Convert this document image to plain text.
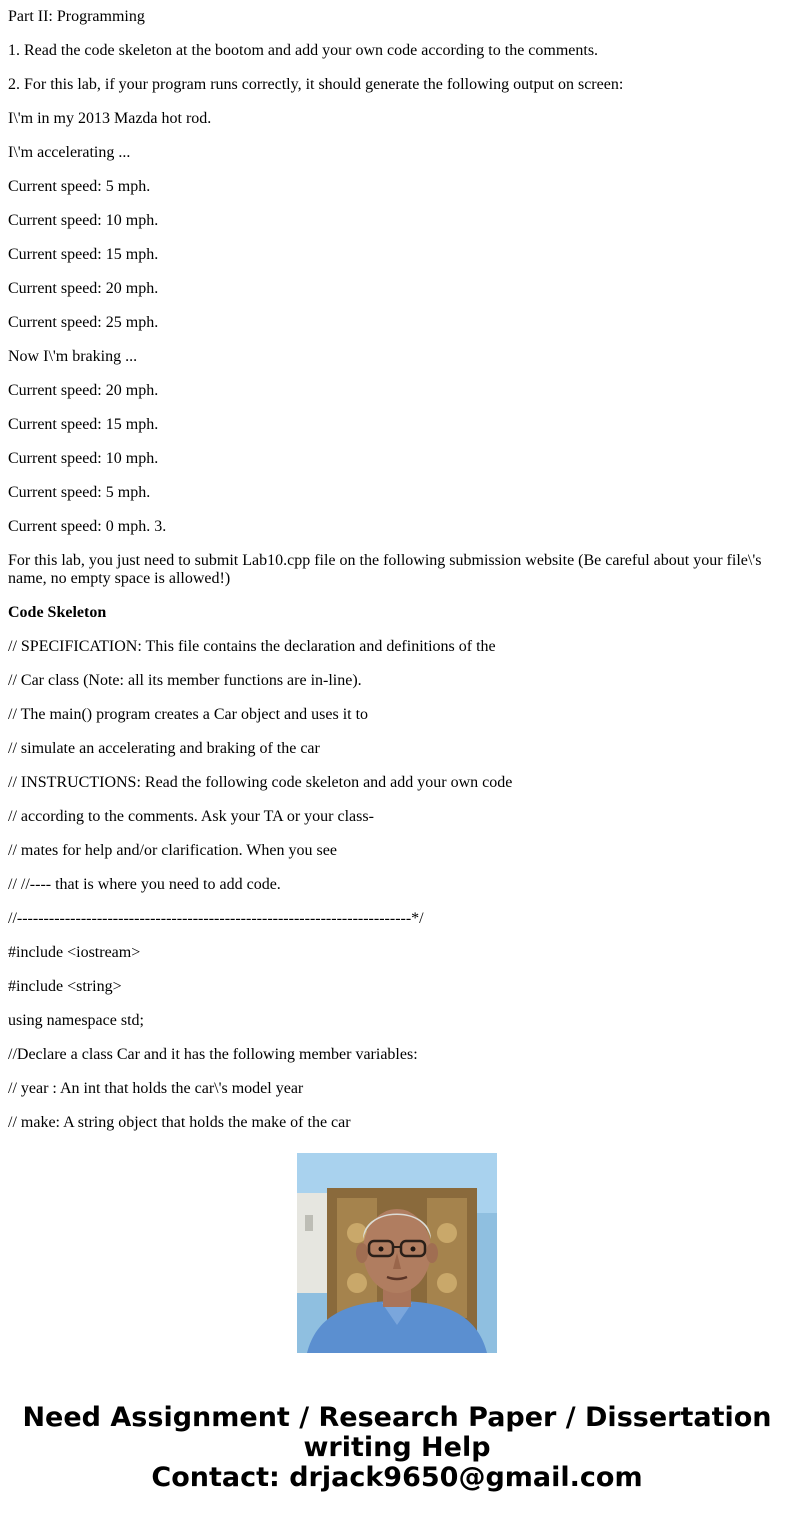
Part II: Programming

1. Read the code skeleton at the bootom and add your own code according to the comments.

2. For this lab, if your program runs correctly, it should generate the following output on screen:

I\'m in my 2013 Mazda hot rod.

I\'m accelerating ...

Current speed: 5 mph.

Current speed: 10 mph.

Current speed: 15 mph.

Current speed: 20 mph.

Current speed: 25 mph.

Now I\'m braking ...

Current speed: 20 mph.

Current speed: 15 mph.

Current speed: 10 mph.

Current speed: 5 mph.

Current speed: 0 mph. 3.

For this lab, you just need to submit Lab10.cpp file on the following submission website (Be careful about your file\'s name, no empty space is allowed!)

Code Skeleton

// SPECIFICATION: This file contains the declaration and definitions of the

// Car class (Note: all its member functions are in-line).

// The main() program creates a Car object and uses it to

// simulate an accelerating and braking of the car

// INSTRUCTIONS: Read the following code skeleton and add your own code

// according to the comments. Ask your TA or your class-

// mates for help and/or clarification. When you see

// //---- that is where you need to add code.

//--------------------------------------------------------------------------*/

#include <iostream>

#include <string>

using namespace std;

//Declare a class Car and it has the following member variables:

// year : An int that holds the car\'s model year

// make: A string object that holds the make of the car

Need Assignment / Research Paper / Dissertation
writing Help
Contact: drjack9650@gmail.com
